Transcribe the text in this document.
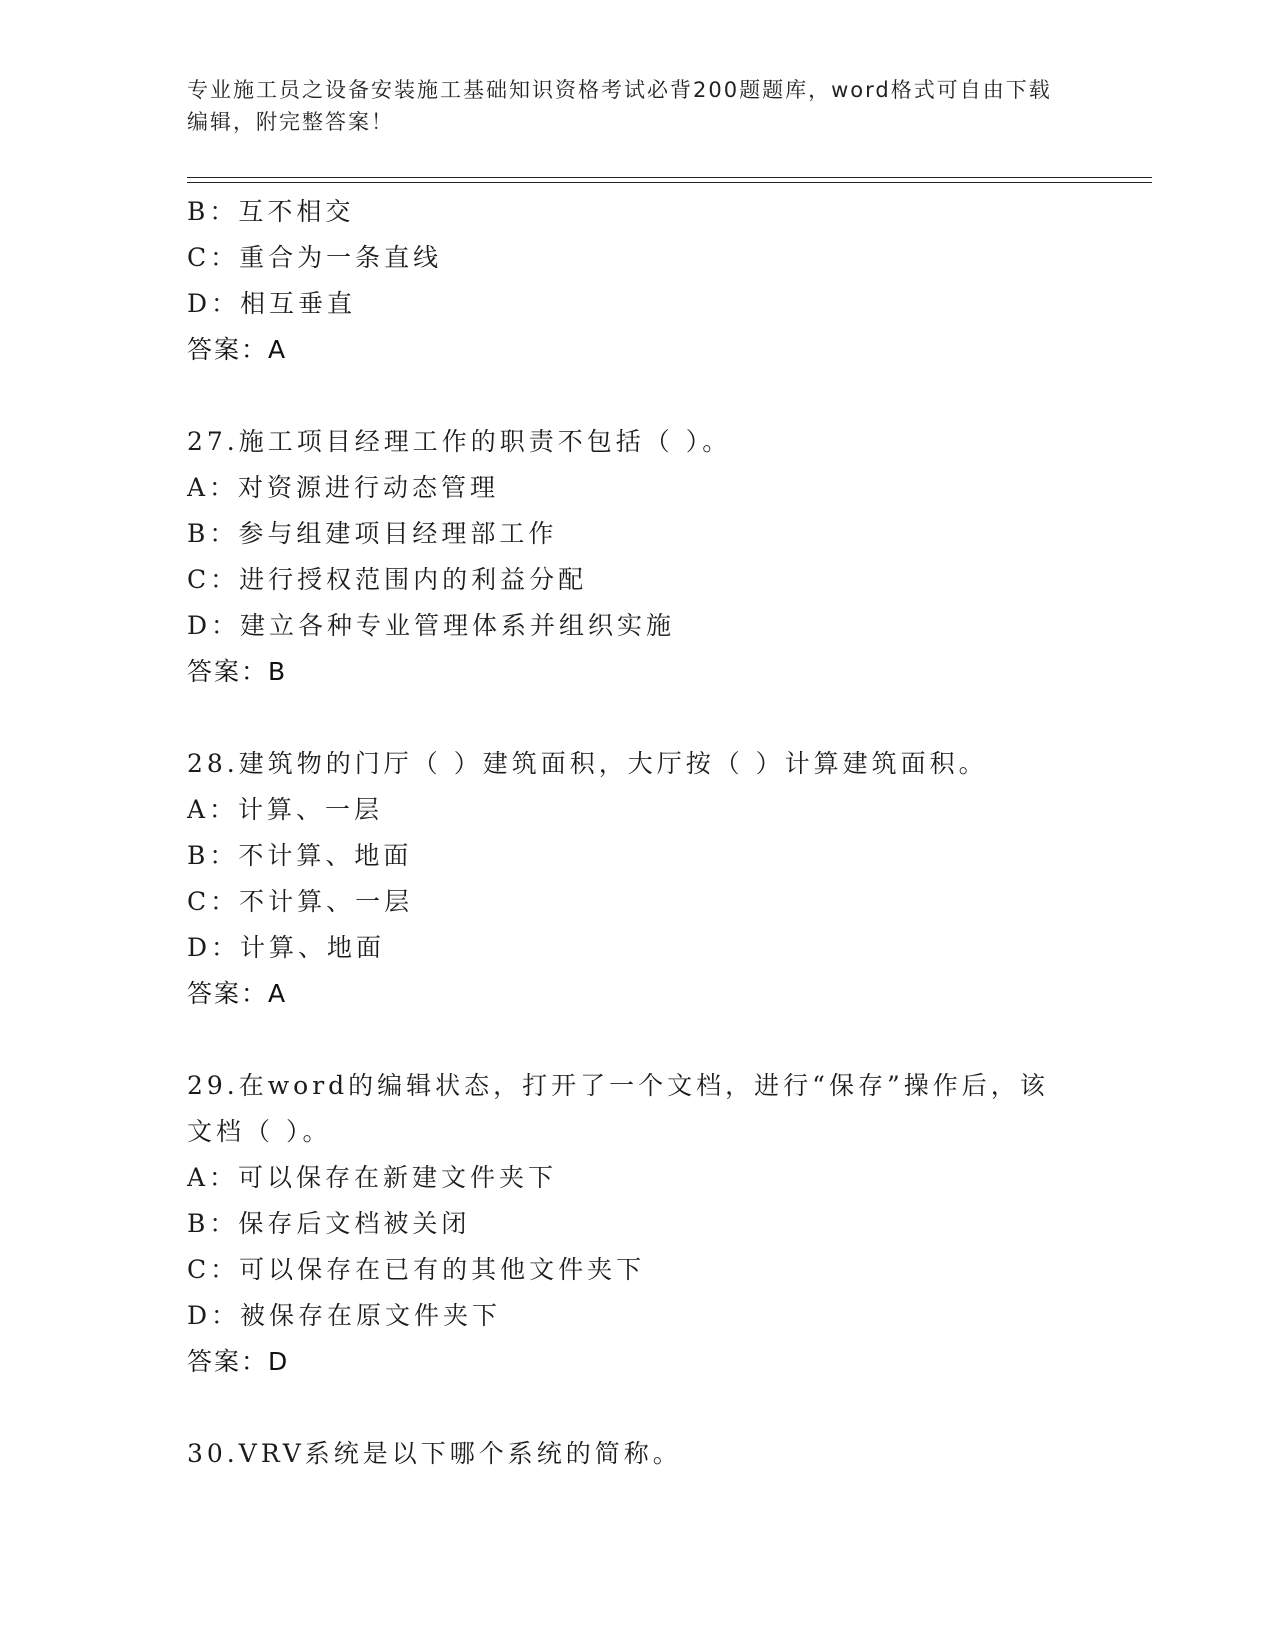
专业施工员之设备安装施工基础知识资格考试必背200题题库，word格式可自由下载编辑，附完整答案！
B：互不相交
C：重合为一条直线
D：相互垂直
答案：A
27.施工项目经理工作的职责不包括（ ）。
A：对资源进行动态管理
B：参与组建项目经理部工作
C：进行授权范围内的利益分配
D：建立各种专业管理体系并组织实施
答案：B
28.建筑物的门厅（ ）建筑面积，大厅按（ ）计算建筑面积。
A：计算、一层
B：不计算、地面
C：不计算、一层
D：计算、地面
答案：A
29.在word的编辑状态，打开了一个文档，进行“保存”操作后，该
文档（ ）。
A：可以保存在新建文件夹下
B：保存后文档被关闭
C：可以保存在已有的其他文件夹下
D：被保存在原文件夹下
答案：D
30.VRV系统是以下哪个系统的简称。
